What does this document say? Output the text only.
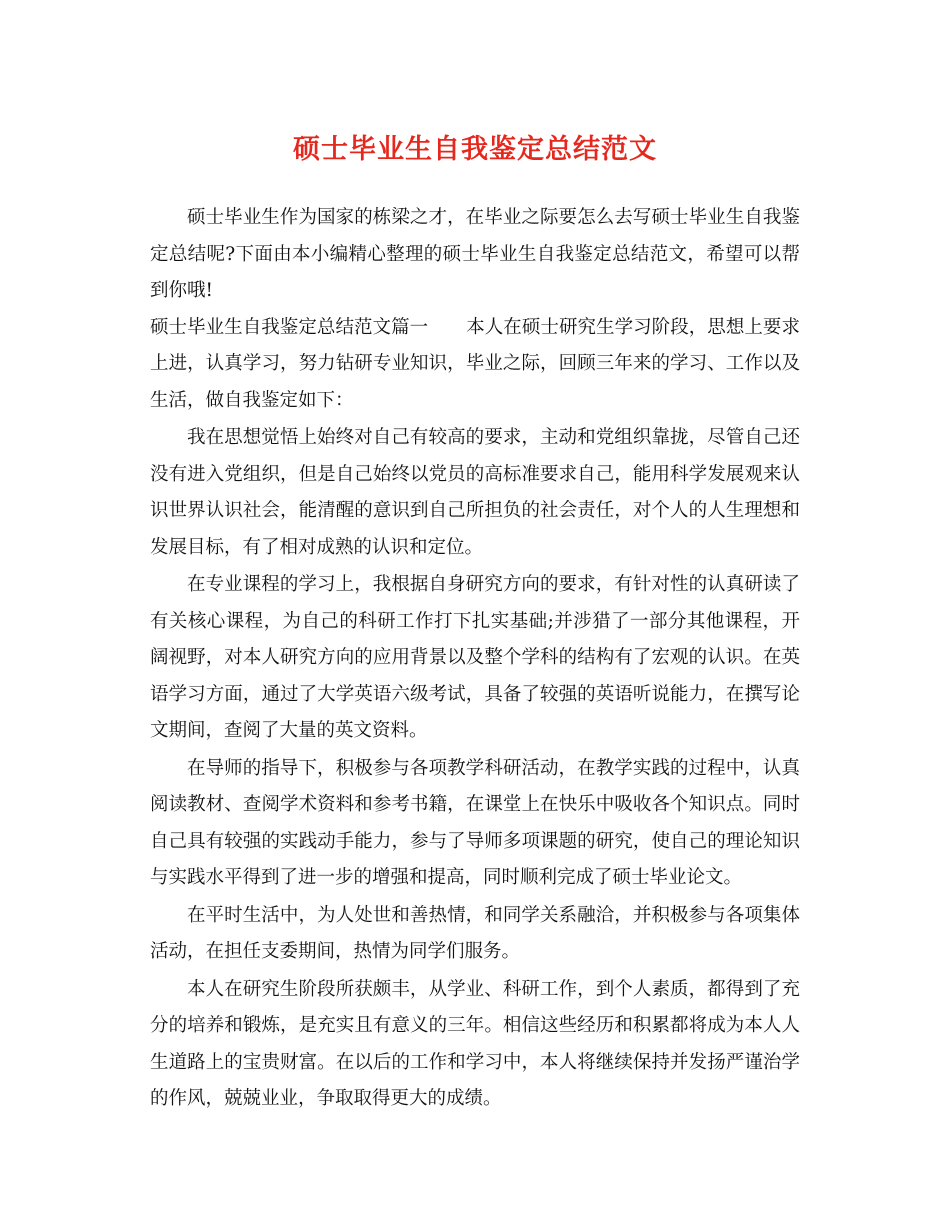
硕士毕业生自我鉴定总结范文

硕士毕业生作为国家的栋梁之才，在毕业之际要怎么去写硕士毕业生自我鉴定总结呢?下面由本小编精心整理的硕士毕业生自我鉴定总结范文，希望可以帮到你哦!

硕士毕业生自我鉴定总结范文篇一 本人在硕士研究生学习阶段，思想上要求上进，认真学习，努力钻研专业知识，毕业之际，回顾三年来的学习、工作以及生活，做自我鉴定如下：

我在思想觉悟上始终对自己有较高的要求，主动和党组织靠拢，尽管自己还没有进入党组织，但是自己始终以党员的高标准要求自己，能用科学发展观来认识世界认识社会，能清醒的意识到自己所担负的社会责任，对个人的人生理想和发展目标，有了相对成熟的认识和定位。

在专业课程的学习上，我根据自身研究方向的要求，有针对性的认真研读了有关核心课程，为自己的科研工作打下扎实基础;并涉猎了一部分其他课程，开阔视野，对本人研究方向的应用背景以及整个学科的结构有了宏观的认识。在英语学习方面，通过了大学英语六级考试，具备了较强的英语听说能力，在撰写论文期间，查阅了大量的英文资料。

在导师的指导下，积极参与各项教学科研活动，在教学实践的过程中，认真阅读教材、查阅学术资料和参考书籍，在课堂上在快乐中吸收各个知识点。同时自己具有较强的实践动手能力，参与了导师多项课题的研究，使自己的理论知识与实践水平得到了进一步的增强和提高，同时顺利完成了硕士毕业论文。

在平时生活中，为人处世和善热情，和同学关系融洽，并积极参与各项集体活动，在担任支委期间，热情为同学们服务。

本人在研究生阶段所获颇丰，从学业、科研工作，到个人素质，都得到了充分的培养和锻炼，是充实且有意义的三年。相信这些经历和积累都将成为本人人生道路上的宝贵财富。在以后的工作和学习中，本人将继续保持并发扬严谨治学的作风，兢兢业业，争取取得更大的成绩。
